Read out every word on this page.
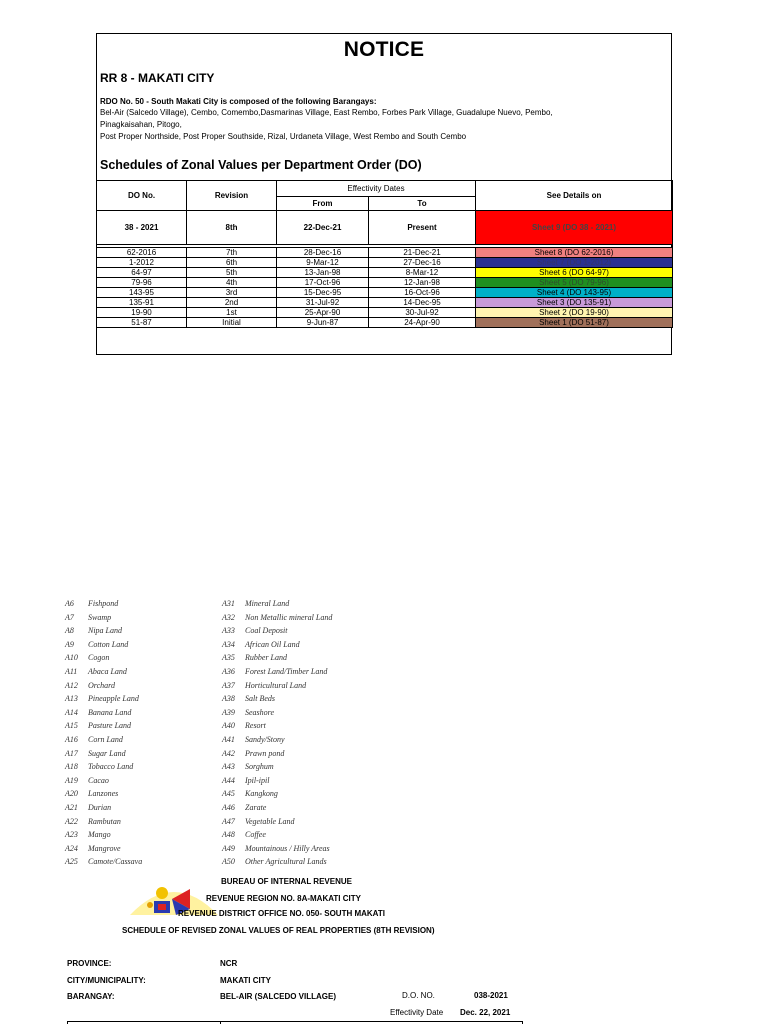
NOTICE
RR 8 - MAKATI CITY
RDO No. 50 - South Makati City is composed of the following Barangays:
Bel-Air (Salcedo Village), Cembo, Comembo,Dasmarinas Village, East Rembo, Forbes Park Village, Guadalupe Nuevo, Pembo,
Pinagkaisahan, Pitogo,
Post Proper Northside, Post Proper Southside, Rizal, Urdaneta Village, West Rembo and South Cembo
Schedules of Zonal Values per Department Order (DO)
DO No.	Revision	Effectivity Dates		See Details on
		From	To	
38 - 2021	8th	22-Dec-21	Present	Sheet 9 (DO 38 - 2021)

62-2016	7th	28-Dec-16	21-Dec-21	Sheet 8 (DO 62-2016)
1-2012	6th	9-Mar-12	27-Dec-16	Sheet 7 (DO 1-2012)
64-97	5th	13-Jan-98	8-Mar-12	Sheet 6 (DO 64-97)
79-96	4th	17-Oct-96	12-Jan-98	Sheet 5 (DO 79-96)
143-95	3rd	15-Dec-95	16-Oct-96	Sheet 4 (DO 143-95)
135-91	2nd	31-Jul-92	14-Dec-95	Sheet 3 (DO 135-91)
19-90	1st	25-Apr-90	30-Jul-92	Sheet 2 (DO 19-90)
51-87	Initial	9-Jun-87	24-Apr-90	Sheet 1 (DO 51-87)
A6 Fishpond
A7 Swamp
A8 Nipa Land
A9 Cotton Land
A10 Cogon
A11 Abaca Land
A12 Orchard
A13 Pineapple Land
A14 Banana Land
A15 Pasture Land
A16 Corn Land
A17 Sugar Land
A18 Tobacco Land
A19 Cacao
A20 Lanzones
A21 Durian
A22 Rambutan
A23 Mango
A24 Mangrove
A25 Camote/Cassava
A31 Mineral Land
A32 Non Metallic mineral Land
A33 Coal Deposit
A34 African Oil Land
A35 Rubber Land
A36 Forest Land/Timber Land
A37 Horticultural Land
A38 Salt Beds
A39 Seashore
A40 Resort
A41 Sandy/Stony
A42 Prawn pond
A43 Sorghum
A44 Ipil-ipil
A45 Kangkong
A46 Zarate
A47 Vegetable Land
A48 Coffee
A49 Mountainous / Hilly Areas
A50 Other Agricultural Lands
BUREAU OF INTERNAL REVENUE
REVENUE REGION NO. 8A-MAKATI CITY
REVENUE DISTRICT OFFICE NO. 050- SOUTH MAKATI
SCHEDULE OF REVISED ZONAL VALUES OF REAL PROPERTIES (8TH REVISION)
PROVINCE:	NCR
CITY/MUNICIPALITY:	MAKATI CITY
BARANGAY:	BEL-AIR (SALCEDO VILLAGE)	D.O. NO.	038-2021
Effectivity Date Dec. 22, 2021
